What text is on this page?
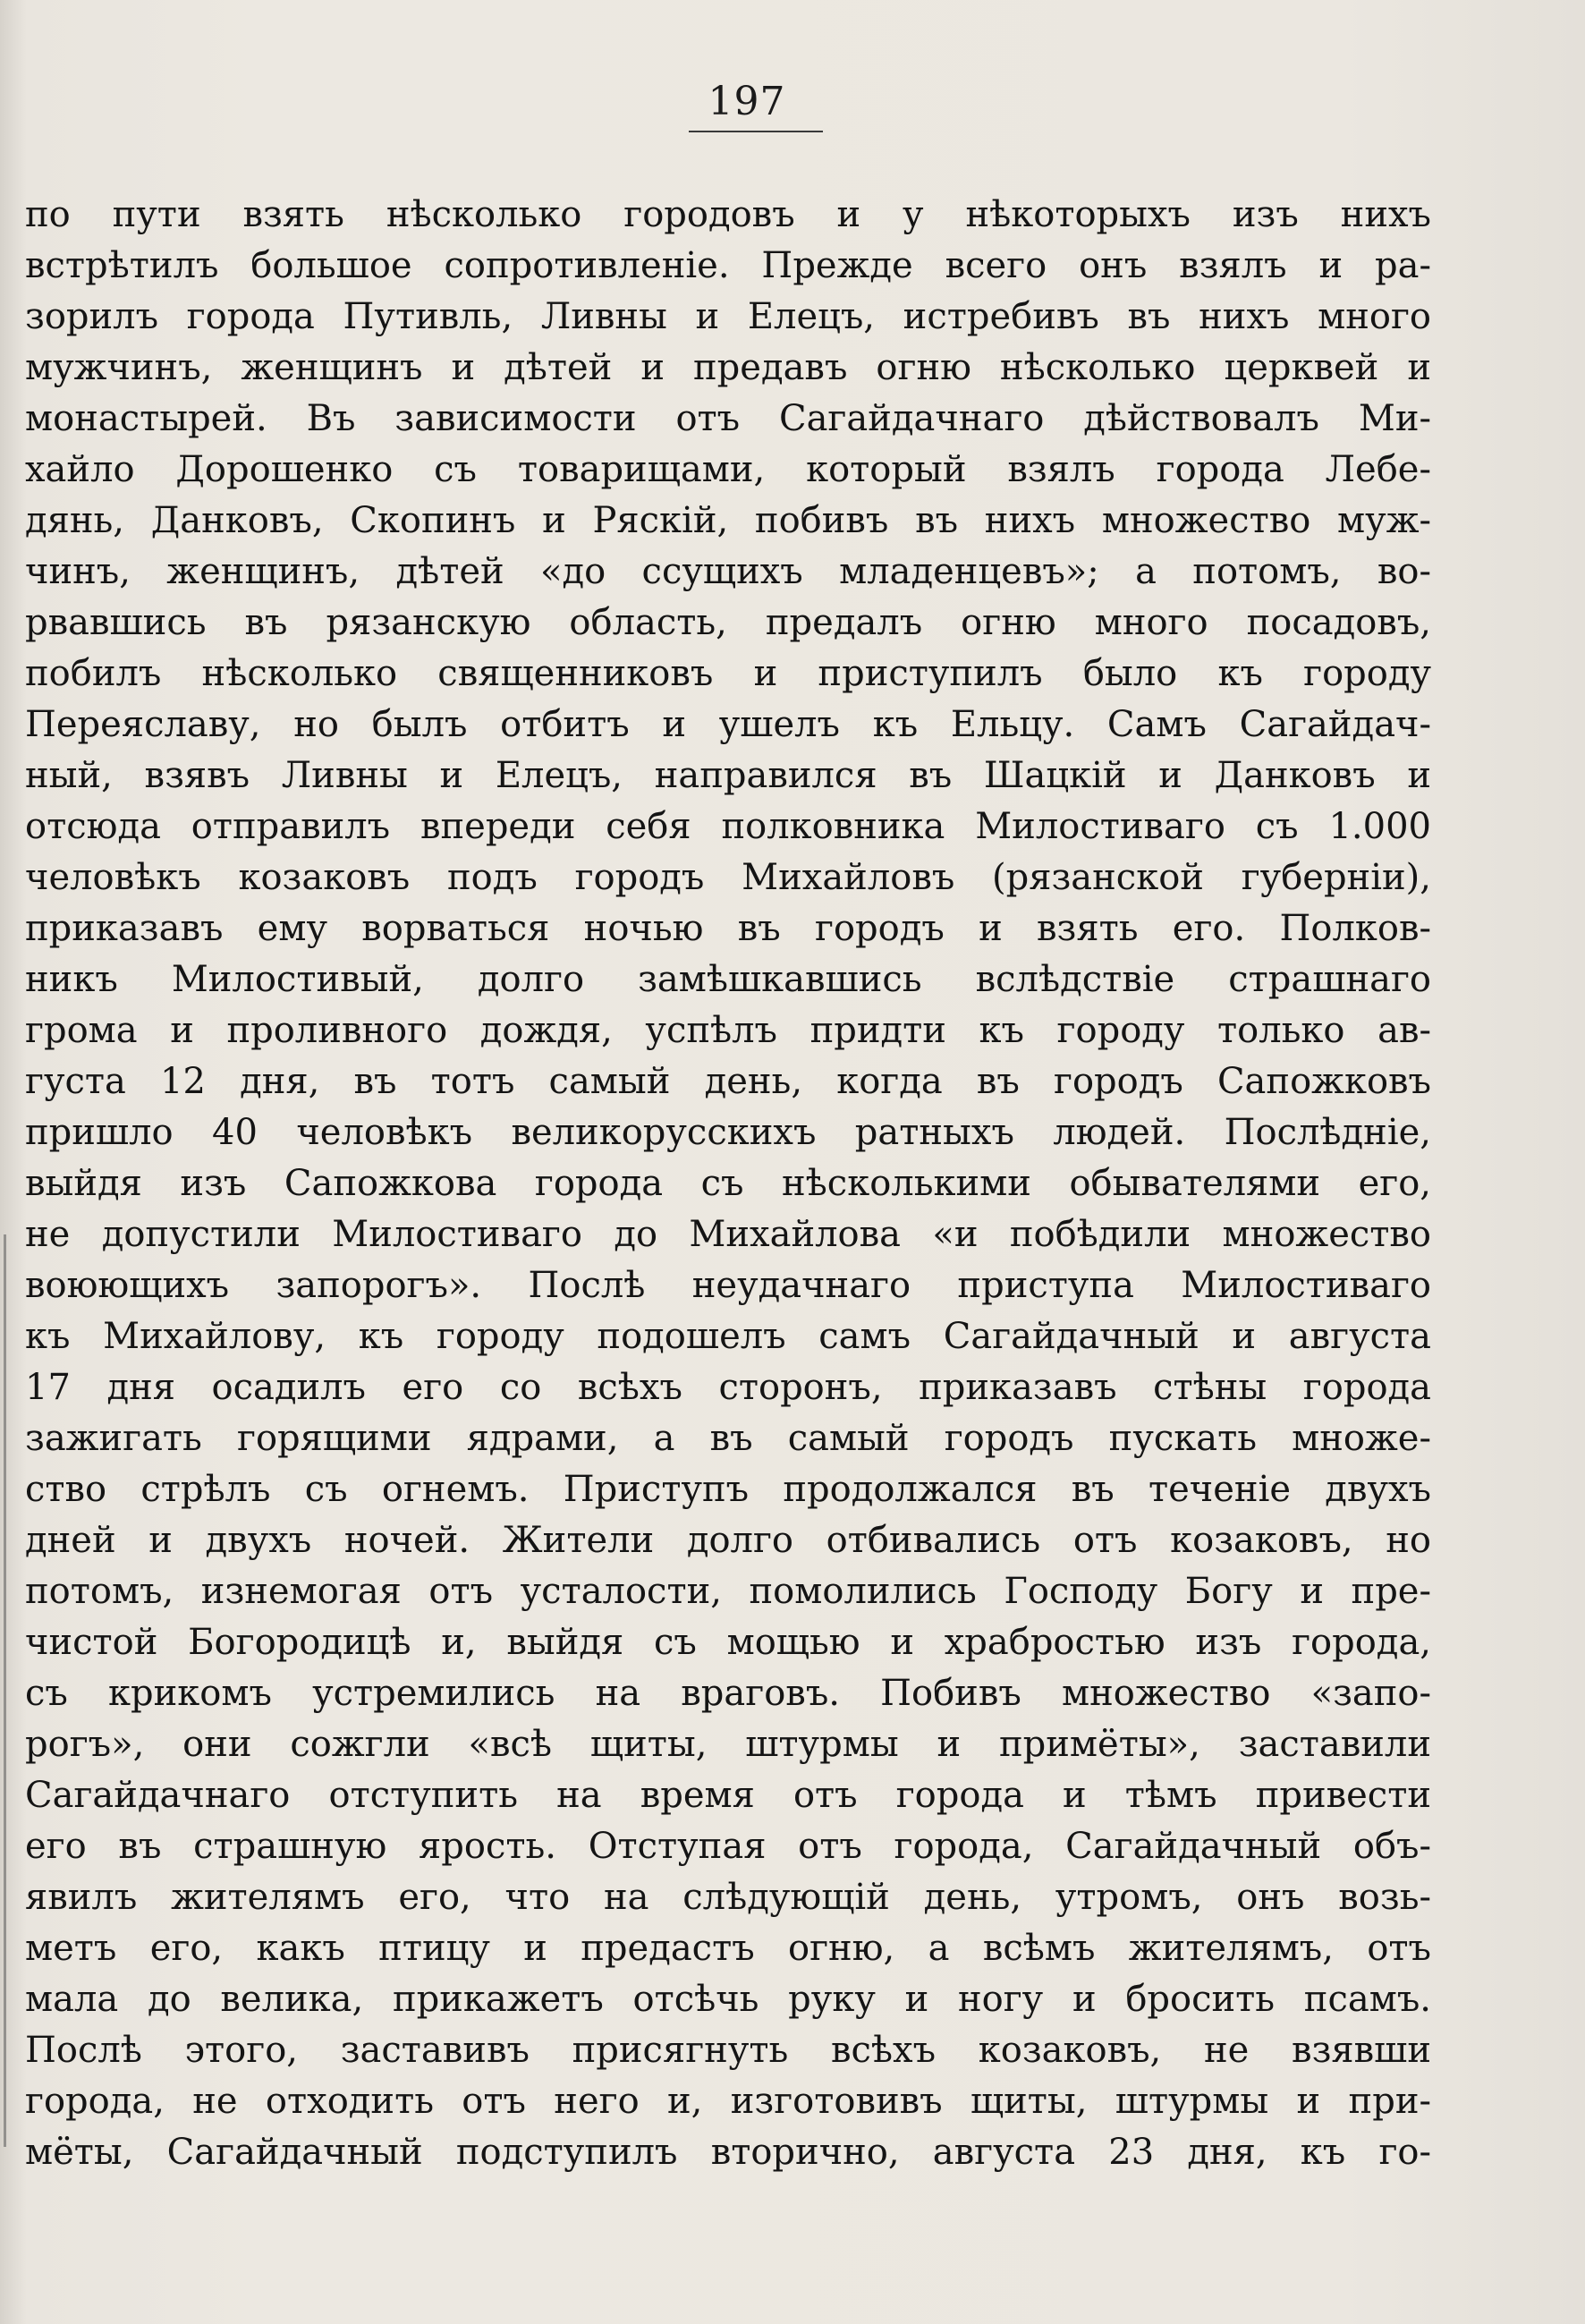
197
по пути взять нѣсколько городовъ и у нѣкоторыхъ изъ нихъ
встрѣтилъ большое сопротивленіе. Прежде всего онъ взялъ и ра-
зорилъ города Путивль, Ливны и Елецъ, истребивъ въ нихъ много
мужчинъ, женщинъ и дѣтей и предавъ огню нѣсколько церквей и
монастырей. Въ зависимости отъ Сагайдачнаго дѣйствовалъ Ми-
хайло Дорошенко съ товарищами, который взялъ города Лебе-
дянь, Данковъ, Скопинъ и Ряскій, побивъ въ нихъ множество муж-
чинъ, женщинъ, дѣтей «до ссущихъ младенцевъ»; а потомъ, во-
рвавшись въ рязанскую область, предалъ огню много посадовъ,
побилъ нѣсколько священниковъ и приступилъ было къ городу
Переяславу, но былъ отбитъ и ушелъ къ Ельцу. Самъ Сагайдач-
ный, взявъ Ливны и Елецъ, направился въ Шацкій и Данковъ и
отсюда отправилъ впереди себя полковника Милостиваго съ 1.000
человѣкъ козаковъ подъ городъ Михайловъ (рязанской губерніи),
приказавъ ему ворваться ночью въ городъ и взять его. Полков-
никъ Милостивый, долго замѣшкавшись вслѣдствіе страшнаго
грома и проливного дождя, успѣлъ придти къ городу только ав-
густа 12 дня, въ тотъ самый день, когда въ городъ Сапожковъ
пришло 40 человѣкъ великорусскихъ ратныхъ людей. Послѣдніе,
выйдя изъ Сапожкова города съ нѣсколькими обывателями его,
не допустили Милостиваго до Михайлова «и побѣдили множество
воюющихъ запорогъ». Послѣ неудачнаго приступа Милостиваго
къ Михайлову, къ городу подошелъ самъ Сагайдачный и августа
17 дня осадилъ его со всѣхъ сторонъ, приказавъ стѣны города
зажигать горящими ядрами, а въ самый городъ пускать множе-
ство стрѣлъ съ огнемъ. Приступъ продолжался въ теченіе двухъ
дней и двухъ ночей. Жители долго отбивались отъ козаковъ, но
потомъ, изнемогая отъ усталости, помолились Господу Богу и пре-
чистой Богородицѣ и, выйдя съ мощью и храбростью изъ города,
съ крикомъ устремились на враговъ. Побивъ множество «запо-
рогъ», они сожгли «всѣ щиты, штурмы и примёты», заставили
Сагайдачнаго отступить на время отъ города и тѣмъ привести
его въ страшную ярость. Отступая отъ города, Сагайдачный объ-
явилъ жителямъ его, что на слѣдующій день, утромъ, онъ возь-
метъ его, какъ птицу и предастъ огню, а всѣмъ жителямъ, отъ
мала до велика, прикажетъ отсѣчь руку и ногу и бросить псамъ.
Послѣ этого, заставивъ присягнуть всѣхъ козаковъ, не взявши
города, не отходить отъ него и, изготовивъ щиты, штурмы и при-
мёты, Сагайдачный подступилъ вторично, августа 23 дня, къ го-
